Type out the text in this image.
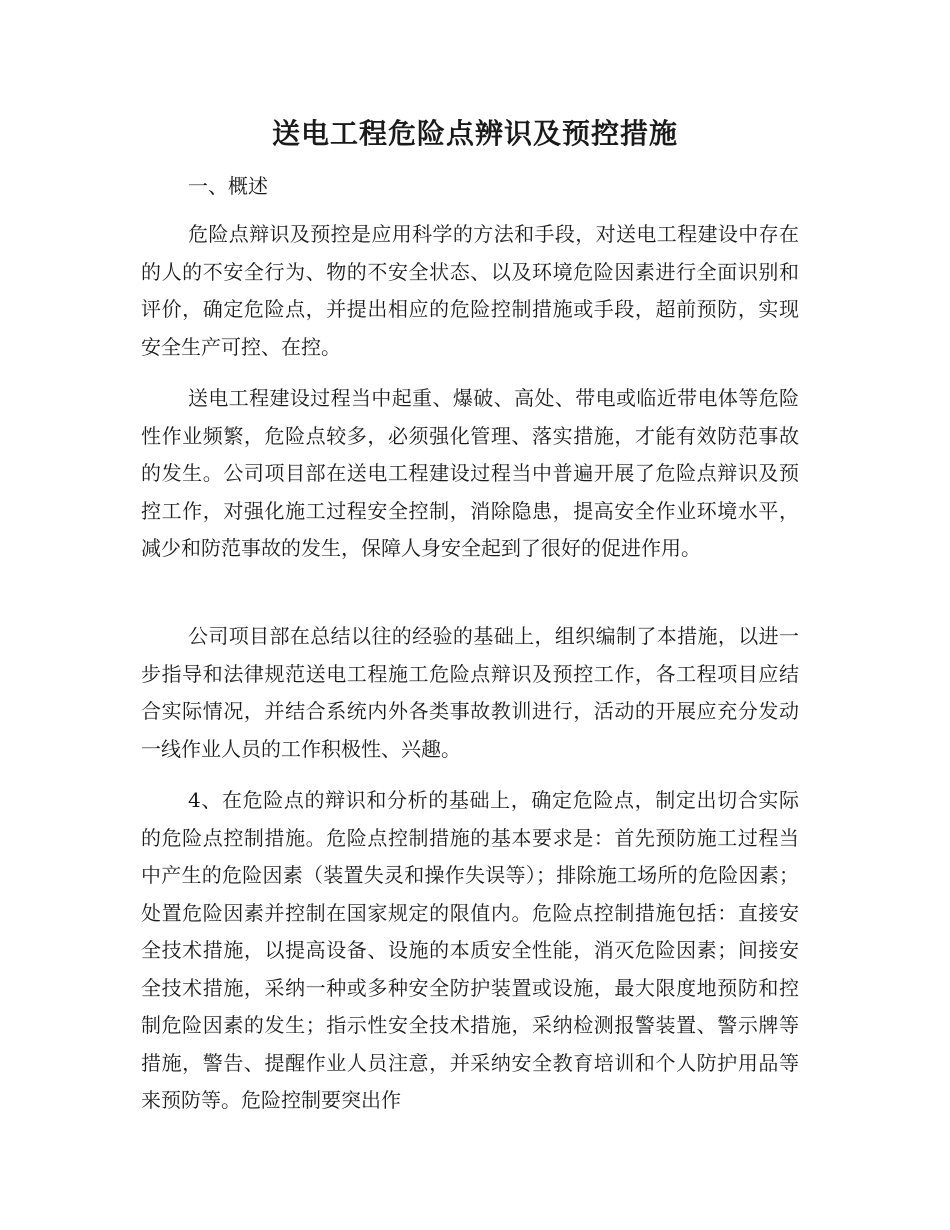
送电工程危险点辨识及预控措施

一、概述

危险点辩识及预控是应用科学的方法和手段，对送电工程建设中存在的人的不安全行为、物的不安全状态、以及环境危险因素进行全面识别和评价，确定危险点，并提出相应的危险控制措施或手段，超前预防，实现安全生产可控、在控。

送电工程建设过程当中起重、爆破、高处、带电或临近带电体等危险性作业频繁，危险点较多，必须强化管理、落实措施，才能有效防范事故的发生。公司项目部在送电工程建设过程当中普遍开展了危险点辩识及预控工作，对强化施工过程安全控制，消除隐患，提高安全作业环境水平，减少和防范事故的发生，保障人身安全起到了很好的促进作用。

公司项目部在总结以往的经验的基础上，组织编制了本措施，以进一步指导和法律规范送电工程施工危险点辩识及预控工作，各工程项目应结合实际情况，并结合系统内外各类事故教训进行，活动的开展应充分发动一线作业人员的工作积极性、兴趣。

4、在危险点的辩识和分析的基础上，确定危险点，制定出切合实际的危险点控制措施。危险点控制措施的基本要求是：首先预防施工过程当中产生的危险因素（装置失灵和操作失误等）；排除施工场所的危险因素；处置危险因素并控制在国家规定的限值内。危险点控制措施包括：直接安全技术措施，以提高设备、设施的本质安全性能，消灭危险因素；间接安全技术措施，采纳一种或多种安全防护装置或设施，最大限度地预防和控制危险因素的发生；指示性安全技术措施，采纳检测报警装置、警示牌等措施，警告、提醒作业人员注意，并采纳安全教育培训和个人防护用品等来预防等。危险控制要突出作
